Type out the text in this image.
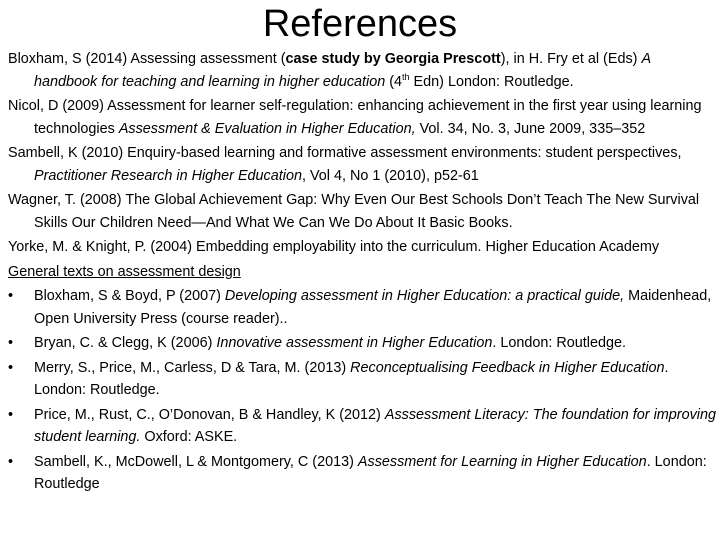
References
Bloxham, S (2014) Assessing assessment (case study by Georgia Prescott), in H. Fry et al (Eds) A handbook for teaching and learning in higher education (4th Edn) London: Routledge.
Nicol, D (2009) Assessment for learner self-regulation: enhancing achievement in the first year using learning technologies Assessment & Evaluation in Higher Education, Vol. 34, No. 3, June 2009, 335–352
Sambell, K (2010) Enquiry-based learning and formative assessment environments: student perspectives, Practitioner Research in Higher Education, Vol 4, No 1 (2010), p52-61
Wagner, T. (2008) The Global Achievement Gap: Why Even Our Best Schools Don’t Teach The New Survival Skills Our Children Need—And What We Can We Do About It Basic Books.
Yorke, M. & Knight, P. (2004) Embedding employability into the curriculum. Higher Education Academy
General texts on assessment design
•	Bloxham, S & Boyd, P (2007) Developing assessment in Higher Education: a practical guide, Maidenhead, Open University Press (course reader)..
•	Bryan, C. & Clegg, K (2006) Innovative assessment in Higher Education. London: Routledge.
•	Merry, S., Price, M., Carless, D & Tara, M. (2013) Reconceptualising Feedback in Higher Education. London: Routledge.
•	Price, M., Rust, C., O’Donovan, B & Handley, K (2012) Asssessment Literacy: The foundation for improving student learning. Oxford: ASKE.
•	Sambell, K., McDowell, L & Montgomery, C (2013) Assessment for Learning in Higher Education. London: Routledge
